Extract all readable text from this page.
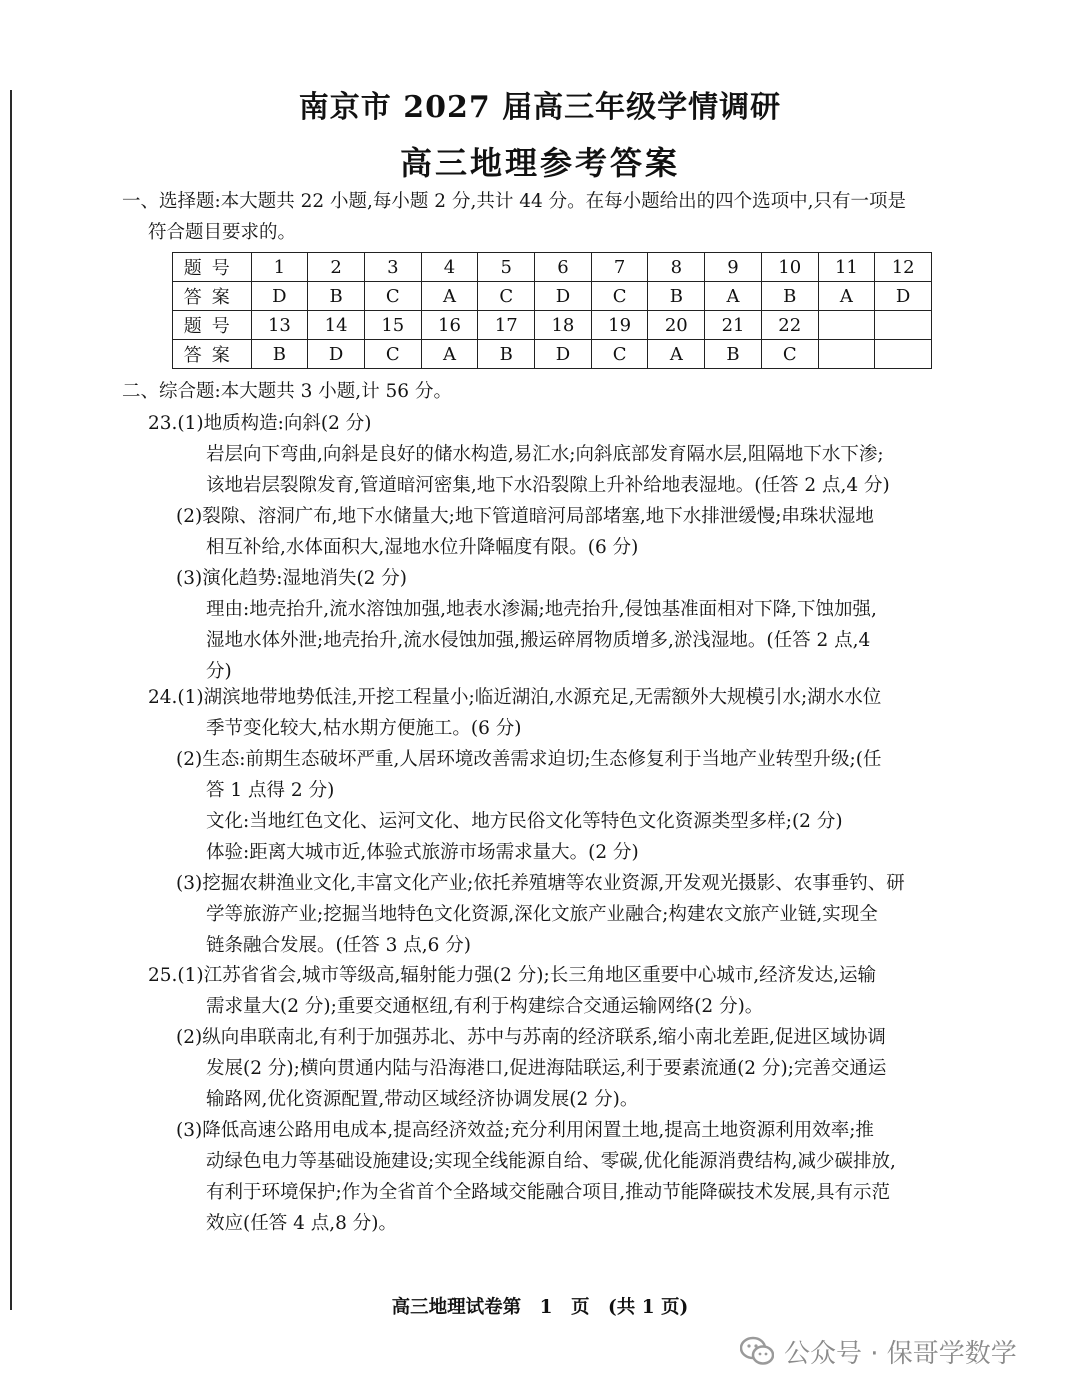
南京市 2027 届高三年级学情调研
高三地理参考答案

一、选择题:本大题共 22 小题,每小题 2 分,共计 44 分。在每小题给出的四个选项中,只有一项是

符合题目要求的。

题号	1	2	3	4	5	6	7	8	9	10	11	12
答案	D	B	C	A	C	D	C	B	A	B	A	D
题号	13	14	15	16	17	18	19	20	21	22		
答案	B	D	C	A	B	D	C	A	B	C		

二、综合题:本大题共 3 小题,计 56 分。

23.(1)地质构造:向斜(2 分)

岩层向下弯曲,向斜是良好的储水构造,易汇水;向斜底部发育隔水层,阻隔地下水下渗;

该地岩层裂隙发育,管道暗河密集,地下水沿裂隙上升补给地表湿地。(任答 2 点,4 分)

(2)裂隙、溶洞广布,地下水储量大;地下管道暗河局部堵塞,地下水排泄缓慢;串珠状湿地

相互补给,水体面积大,湿地水位升降幅度有限。(6 分)

(3)演化趋势:湿地消失(2 分)

理由:地壳抬升,流水溶蚀加强,地表水渗漏;地壳抬升,侵蚀基准面相对下降,下蚀加强,

湿地水体外泄;地壳抬升,流水侵蚀加强,搬运碎屑物质增多,淤浅湿地。(任答 2 点,4

分)

24.(1)湖滨地带地势低洼,开挖工程量小;临近湖泊,水源充足,无需额外大规模引水;湖水水位

季节变化较大,枯水期方便施工。(6 分)

(2)生态:前期生态破坏严重,人居环境改善需求迫切;生态修复利于当地产业转型升级;(任

答 1 点得 2 分)

文化:当地红色文化、运河文化、地方民俗文化等特色文化资源类型多样;(2 分)

体验:距离大城市近,体验式旅游市场需求量大。(2 分)

(3)挖掘农耕渔业文化,丰富文化产业;依托养殖塘等农业资源,开发观光摄影、农事垂钓、研

学等旅游产业;挖掘当地特色文化资源,深化文旅产业融合;构建农文旅产业链,实现全

链条融合发展。(任答 3 点,6 分)

25.(1)江苏省省会,城市等级高,辐射能力强(2 分);长三角地区重要中心城市,经济发达,运输

需求量大(2 分);重要交通枢纽,有利于构建综合交通运输网络(2 分)。

(2)纵向串联南北,有利于加强苏北、苏中与苏南的经济联系,缩小南北差距,促进区域协调

发展(2 分);横向贯通内陆与沿海港口,促进海陆联运,利于要素流通(2 分);完善交通运

输路网,优化资源配置,带动区域经济协调发展(2 分)。

(3)降低高速公路用电成本,提高经济效益;充分利用闲置土地,提高土地资源利用效率;推

动绿色电力等基础设施建设;实现全线能源自给、零碳,优化能源消费结构,减少碳排放,

有利于环境保护;作为全省首个全路域交能融合项目,推动节能降碳技术发展,具有示范

效应(任答 4 点,8 分)。

高三地理试卷第　1　页　(共 1 页)
公众号 · 保哥学数学
